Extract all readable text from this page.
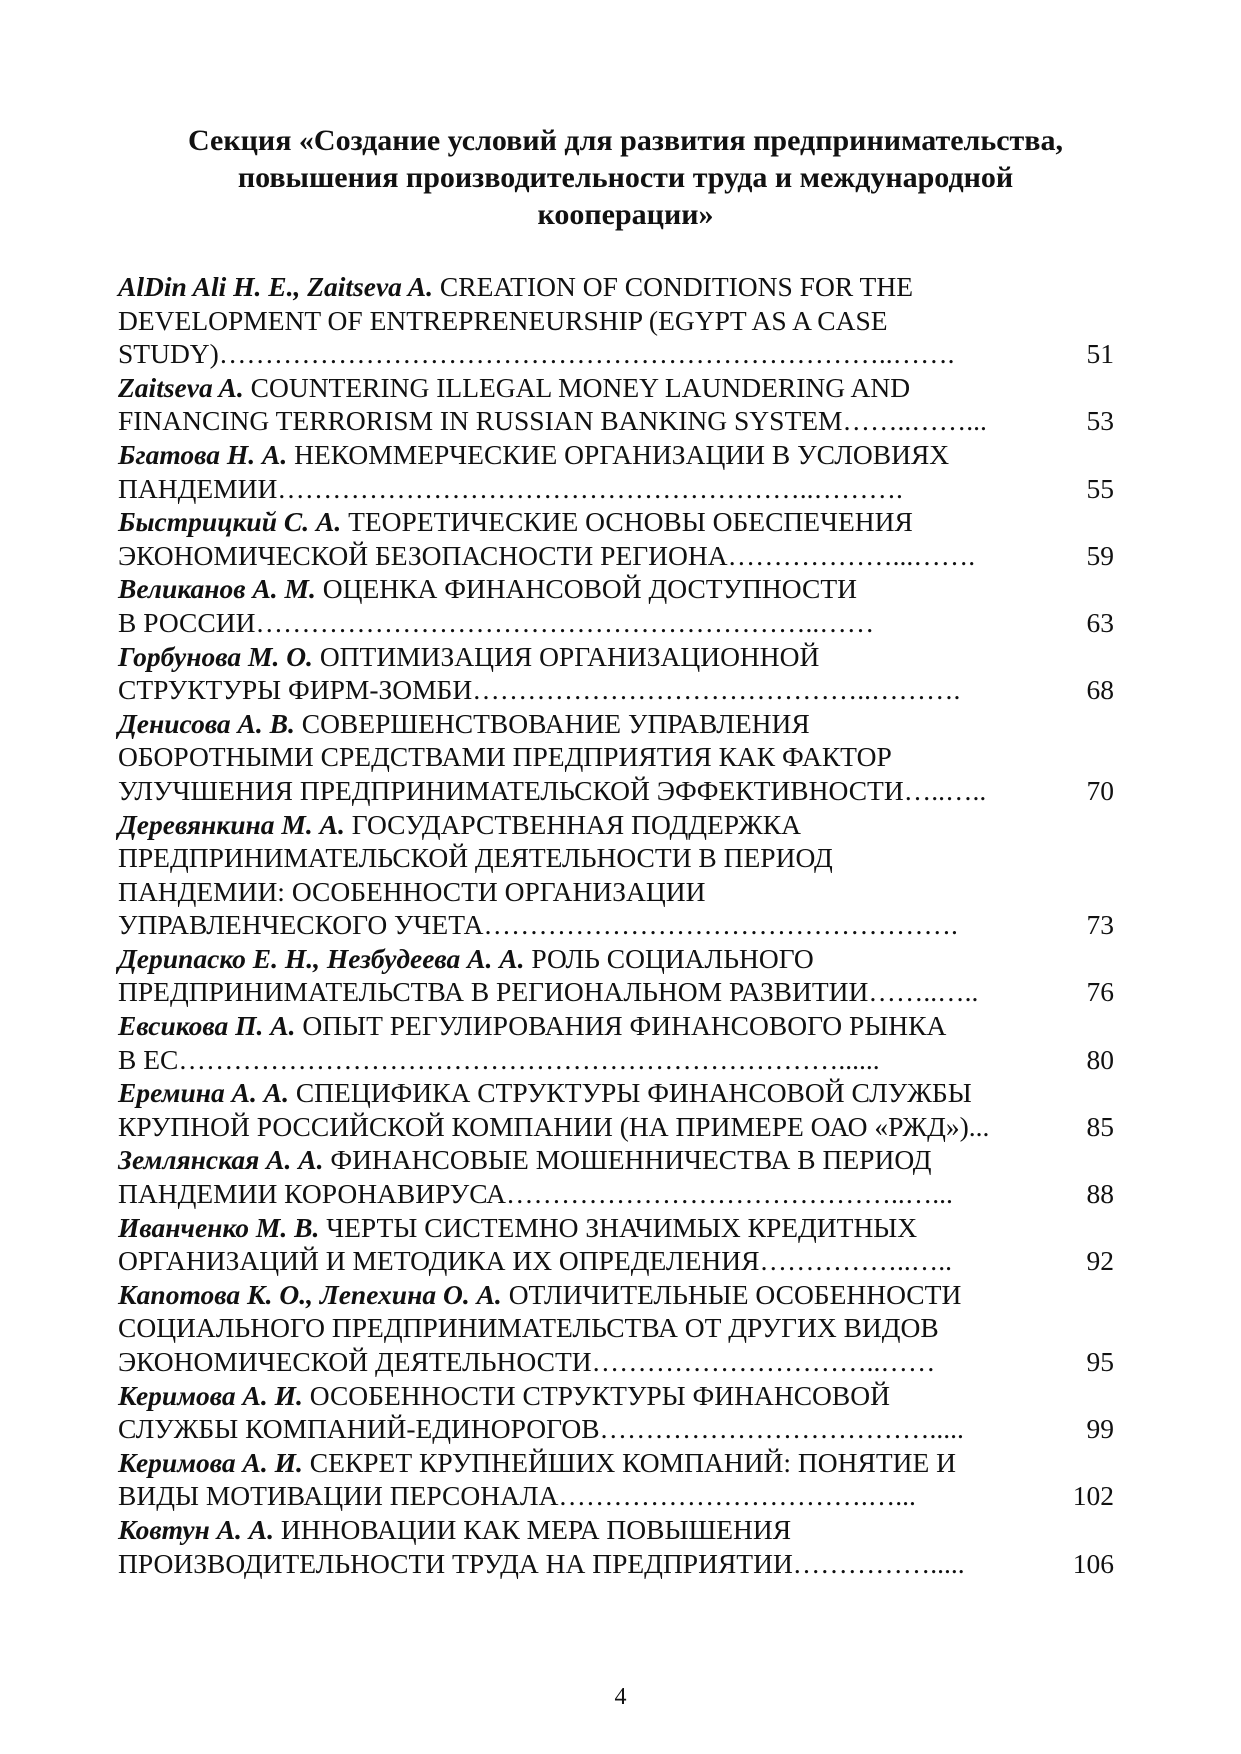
Секция «Создание условий для развития предпринимательства,
повышения производительности труда и международной
кооперации»
AlDin Ali H. E., Zaitseva A. CREATION OF CONDITIONS FOR THE
DEVELOPMENT OF ENTREPRENEURSHIP (EGYPT AS A CASE
STUDY)………………………………………………………………..…….	51
Zaitseva A. COUNTERING ILLEGAL MONEY LAUNDERING AND
FINANCING TERRORISM IN RUSSIAN BANKING SYSTEM……..……...	53
Бгатова Н. А. НЕКОММЕРЧЕСКИЕ ОРГАНИЗАЦИИ В УСЛОВИЯХ
ПАНДЕМИИ…………………………………………………..……….	55
Быстрицкий С. А. ТЕОРЕТИЧЕСКИЕ ОСНОВЫ ОБЕСПЕЧЕНИЯ
ЭКОНОМИЧЕСКОЙ БЕЗОПАСНОСТИ РЕГИОНА………………...…….	59
Великанов А. М. ОЦЕНКА ФИНАНСОВОЙ ДОСТУПНОСТИ
В РОССИИ……………………………………………………..……	63
Горбунова М. О. ОПТИМИЗАЦИЯ ОРГАНИЗАЦИОННОЙ
СТРУКТУРЫ ФИРМ-ЗОМБИ……………………………………..……….	68
Денисова А. В. СОВЕРШЕНСТВОВАНИЕ УПРАВЛЕНИЯ
ОБОРОТНЫМИ СРЕДСТВАМИ ПРЕДПРИЯТИЯ КАК ФАКТОР
УЛУЧШЕНИЯ ПРЕДПРИНИМАТЕЛЬСКОЙ ЭФФЕКТИВНОСТИ…..…..	70
Деревянкина М. А. ГОСУДАРСТВЕННАЯ ПОДДЕРЖКА
ПРЕДПРИНИМАТЕЛЬСКОЙ ДЕЯТЕЛЬНОСТИ В ПЕРИОД
ПАНДЕМИИ: ОСОБЕННОСТИ ОРГАНИЗАЦИИ
УПРАВЛЕНЧЕСКОГО УЧЕТА…………………………………………….	73
Дерипаско Е. Н., Незбудеева А. А. РОЛЬ СОЦИАЛЬНОГО
ПРЕДПРИНИМАТЕЛЬСТВА В РЕГИОНАЛЬНОМ РАЗВИТИИ……..…..	76
Евсикова П. А. ОПЫТ РЕГУЛИРОВАНИЯ ФИНАНСОВОГО РЫНКА
В ЕС………………………………………………………………......	80
Еремина А. А. СПЕЦИФИКА СТРУКТУРЫ ФИНАНСОВОЙ СЛУЖБЫ
КРУПНОЙ РОССИЙСКОЙ КОМПАНИИ (НА ПРИМЕРЕ ОАО «РЖД»)...	85
Землянская А. А. ФИНАНСОВЫЕ МОШЕННИЧЕСТВА В ПЕРИОД
ПАНДЕМИИ КОРОНАВИРУСА……………………………………..…...	88
Иванченко М. В. ЧЕРТЫ СИСТЕМНО ЗНАЧИМЫХ КРЕДИТНЫХ
ОРГАНИЗАЦИЙ И МЕТОДИКА ИХ ОПРЕДЕЛЕНИЯ……………..…..	92
Капотова К. О., Лепехина О. А. ОТЛИЧИТЕЛЬНЫЕ ОСОБЕННОСТИ
СОЦИАЛЬНОГО ПРЕДПРИНИМАТЕЛЬСТВА ОТ ДРУГИХ ВИДОВ
ЭКОНОМИЧЕСКОЙ ДЕЯТЕЛЬНОСТИ…………………………..……	95
Керимова А. И. ОСОБЕННОСТИ СТРУКТУРЫ ФИНАНСОВОЙ
СЛУЖБЫ КОМПАНИЙ-ЕДИНОРОГОВ……………………………….....	99
Керимова А. И. СЕКРЕТ КРУПНЕЙШИХ КОМПАНИЙ: ПОНЯТИЕ И
ВИДЫ МОТИВАЦИИ ПЕРСОНАЛА…………………………….…...	102
Ковтун А. А. ИННОВАЦИИ КАК МЕРА ПОВЫШЕНИЯ
ПРОИЗВОДИТЕЛЬНОСТИ ТРУДА НА ПРЕДПРИЯТИИ…………….....	106
4
